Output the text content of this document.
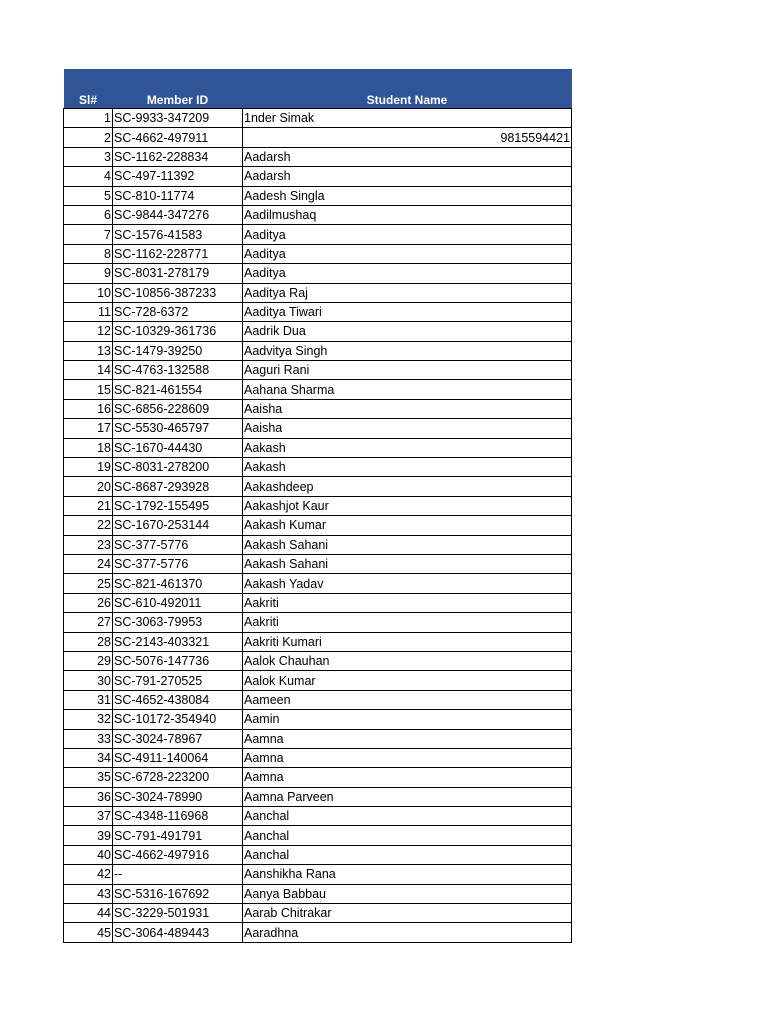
Sl#	Member ID	Student Name
1	SC-9933-347209	1nder Simak
2	SC-4662-497911	9815594421
3	SC-1162-228834	Aadarsh
4	SC-497-11392	Aadarsh
5	SC-810-11774	Aadesh Singla
6	SC-9844-347276	Aadilmushaq
7	SC-1576-41583	Aaditya
8	SC-1162-228771	Aaditya
9	SC-8031-278179	Aaditya
10	SC-10856-387233	Aaditya Raj
11	SC-728-6372	Aaditya Tiwari
12	SC-10329-361736	Aadrik Dua
13	SC-1479-39250	Aadvitya Singh
14	SC-4763-132588	Aaguri Rani
15	SC-821-461554	Aahana Sharma
16	SC-6856-228609	Aaisha
17	SC-5530-465797	Aaisha
18	SC-1670-44430	Aakash
19	SC-8031-278200	Aakash
20	SC-8687-293928	Aakashdeep
21	SC-1792-155495	Aakashjot Kaur
22	SC-1670-253144	Aakash Kumar
23	SC-377-5776	Aakash Sahani
24	SC-377-5776	Aakash Sahani
25	SC-821-461370	Aakash Yadav
26	SC-610-492011	Aakriti
27	SC-3063-79953	Aakriti
28	SC-2143-403321	Aakriti Kumari
29	SC-5076-147736	Aalok Chauhan
30	SC-791-270525	Aalok Kumar
31	SC-4652-438084	Aameen
32	SC-10172-354940	Aamin
33	SC-3024-78967	Aamna
34	SC-4911-140064	Aamna
35	SC-6728-223200	Aamna
36	SC-3024-78990	Aamna Parveen
37	SC-4348-116968	Aanchal
39	SC-791-491791	Aanchal
40	SC-4662-497916	Aanchal
42	--	Aanshikha Rana
43	SC-5316-167692	Aanya Babbau
44	SC-3229-501931	Aarab Chitrakar
45	SC-3064-489443	Aaradhna
